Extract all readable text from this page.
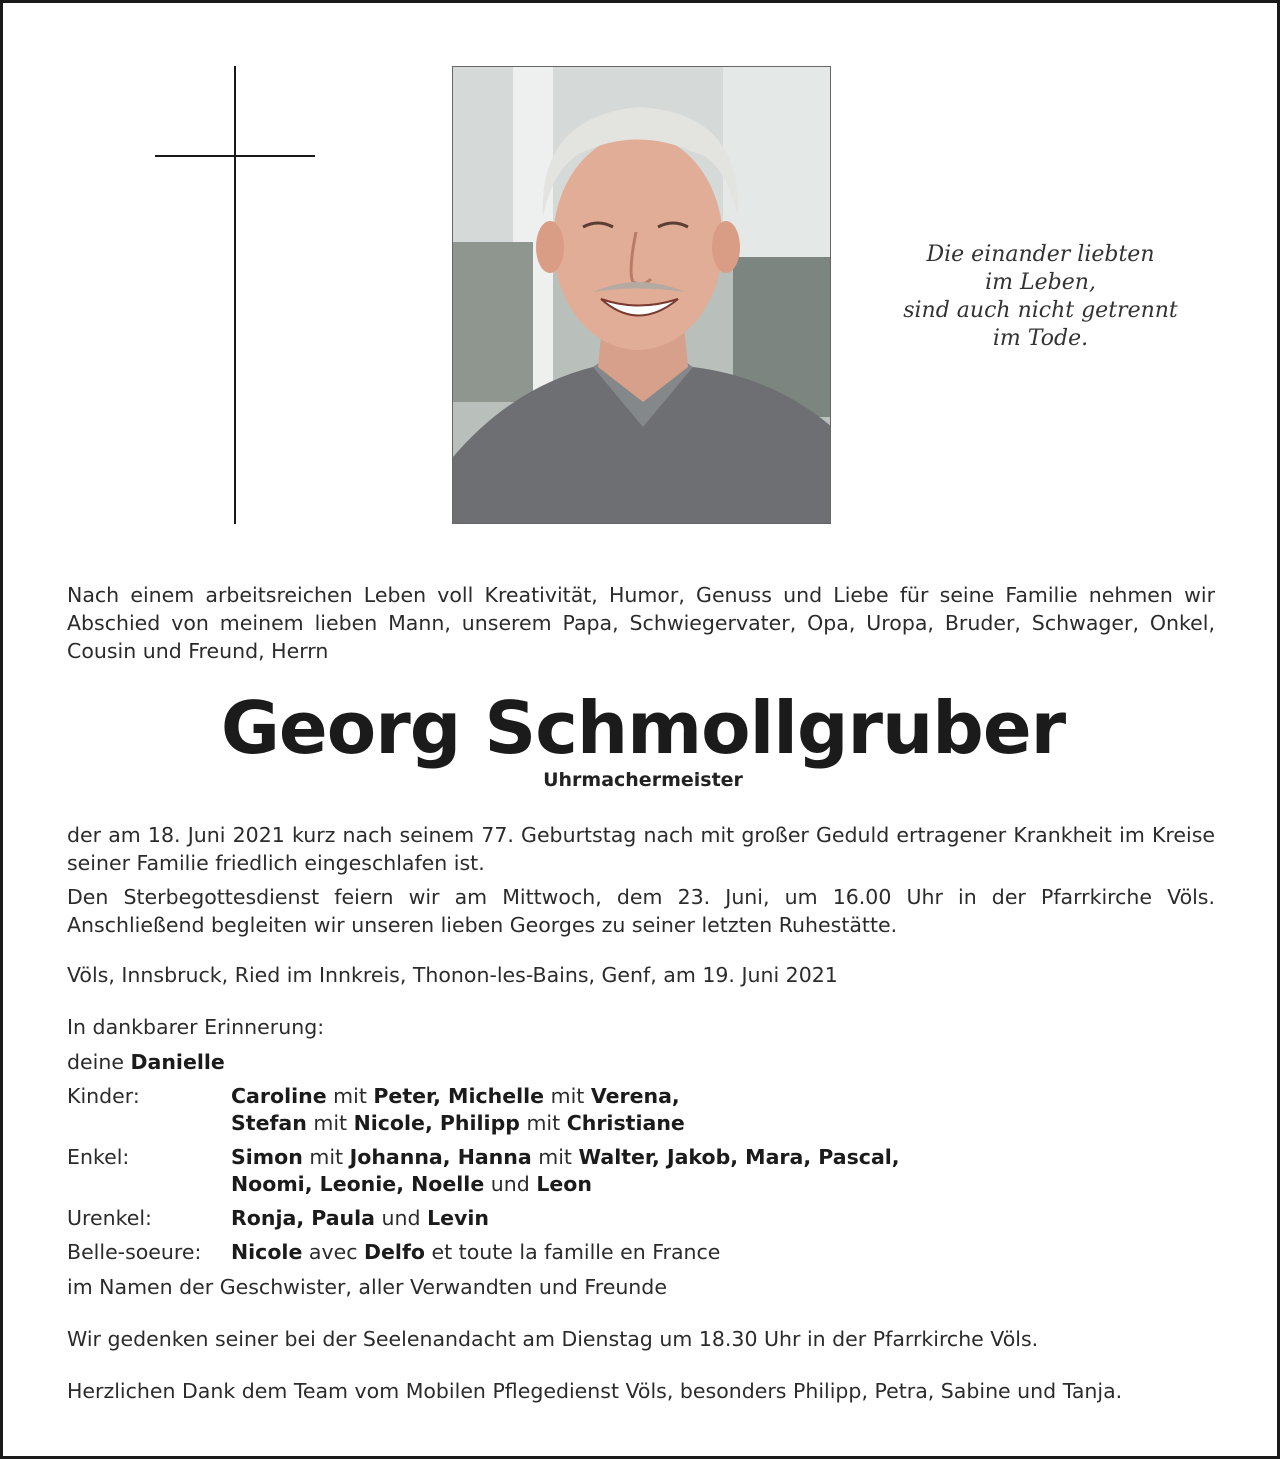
Die einander liebten
im Leben,
sind auch nicht getrennt
im Tode.
Nach einem arbeitsreichen Leben voll Kreativität, Humor, Genuss und Liebe für seine Familie nehmen wir Abschied von meinem lieben Mann, unserem Papa, Schwiegervater, Opa, Uropa, Bruder, Schwager, Onkel, Cousin und Freund, Herrn
Georg Schmollgruber
Uhrmachermeister
der am 18. Juni 2021 kurz nach seinem 77. Geburtstag nach mit großer Geduld ertragener Krankheit im Kreise seiner Familie friedlich eingeschlafen ist.
Den Sterbegottesdienst feiern wir am Mittwoch, dem 23. Juni, um 16.00 Uhr in der Pfarrkirche Völs. Anschließend begleiten wir unseren lieben Georges zu seiner letzten Ruhestätte.
Völs, Innsbruck, Ried im Innkreis, Thonon-les-Bains, Genf, am 19. Juni 2021
In dankbarer Erinnerung:
deine Danielle
Kinder:	Caroline mit Peter, Michelle mit Verena,
Stefan mit Nicole, Philipp mit Christiane
Enkel:	Simon mit Johanna, Hanna mit Walter, Jakob, Mara, Pascal,
Noomi, Leonie, Noelle und Leon
Urenkel:	Ronja, Paula und Levin
Belle-soeure:	Nicole avec Delfo et toute la famille en France
im Namen der Geschwister, aller Verwandten und Freunde
Wir gedenken seiner bei der Seelenandacht am Dienstag um 18.30 Uhr in der Pfarrkirche Völs.
Herzlichen Dank dem Team vom Mobilen Pflegedienst Völs, besonders Philipp, Petra, Sabine und Tanja.
